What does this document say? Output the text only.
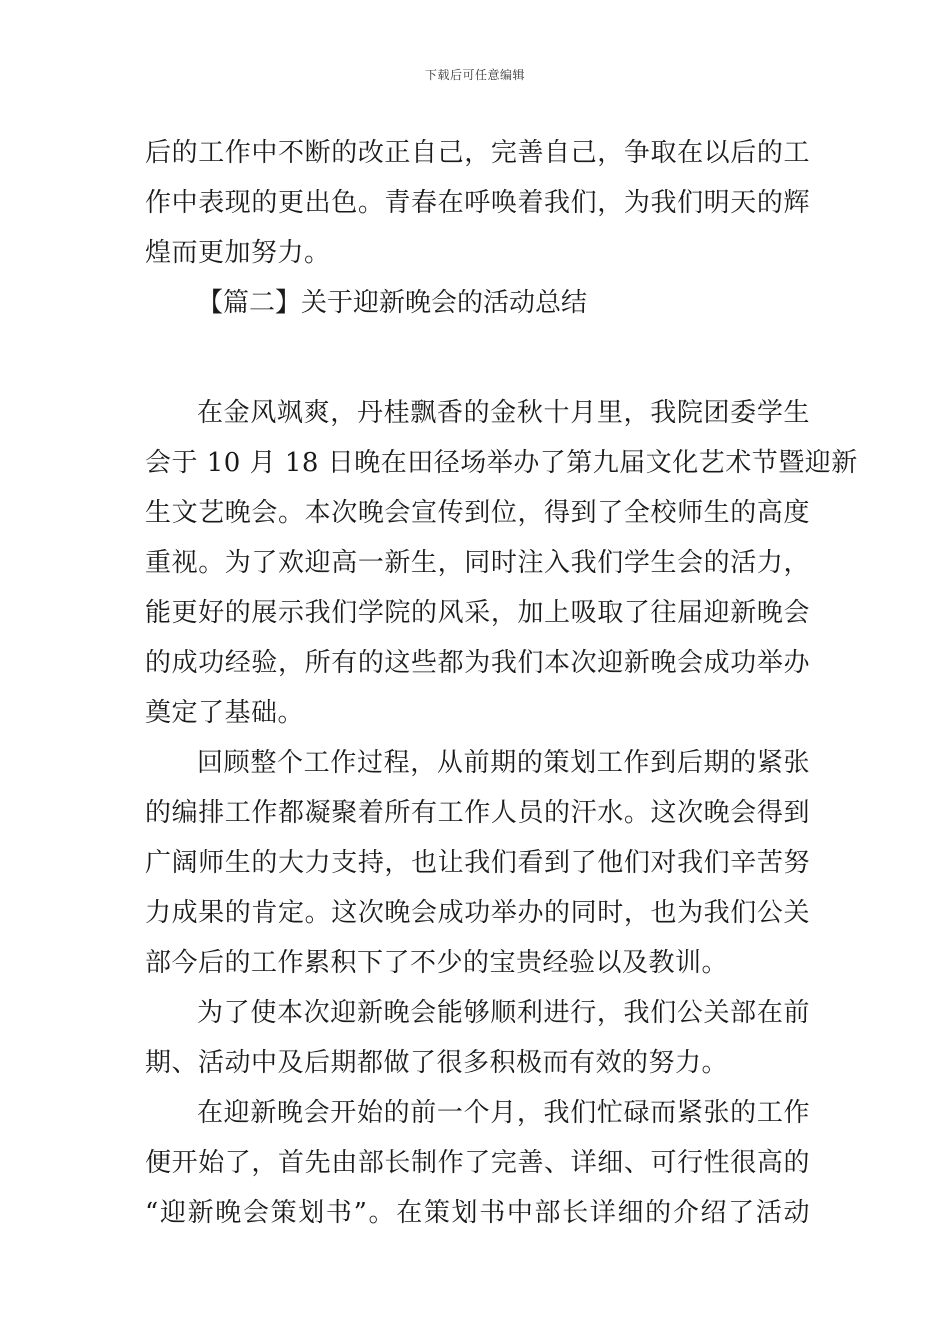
下载后可任意编辑
后的工作中不断的改正自己，完善自己，争取在以后的工
作中表现的更出色。青春在呼唤着我们，为我们明天的辉
煌而更加努力。
【篇二】关于迎新晚会的活动总结
在金风飒爽，丹桂飘香的金秋十月里，我院团委学生
会于 10 月 18 日晚在田径场举办了第九届文化艺术节暨迎新
生文艺晚会。本次晚会宣传到位，得到了全校师生的高度
重视。为了欢迎高一新生，同时注入我们学生会的活力，
能更好的展示我们学院的风采，加上吸取了往届迎新晚会
的成功经验，所有的这些都为我们本次迎新晚会成功举办
奠定了基础。
回顾整个工作过程，从前期的策划工作到后期的紧张
的编排工作都凝聚着所有工作人员的汗水。这次晚会得到
广阔师生的大力支持，也让我们看到了他们对我们辛苦努
力成果的肯定。这次晚会成功举办的同时，也为我们公关
部今后的工作累积下了不少的宝贵经验以及教训。
为了使本次迎新晚会能够顺利进行，我们公关部在前
期、活动中及后期都做了很多积极而有效的努力。
在迎新晚会开始的前一个月，我们忙碌而紧张的工作
便开始了，首先由部长制作了完善、详细、可行性很高的
“迎新晚会策划书”。在策划书中部长详细的介绍了活动
